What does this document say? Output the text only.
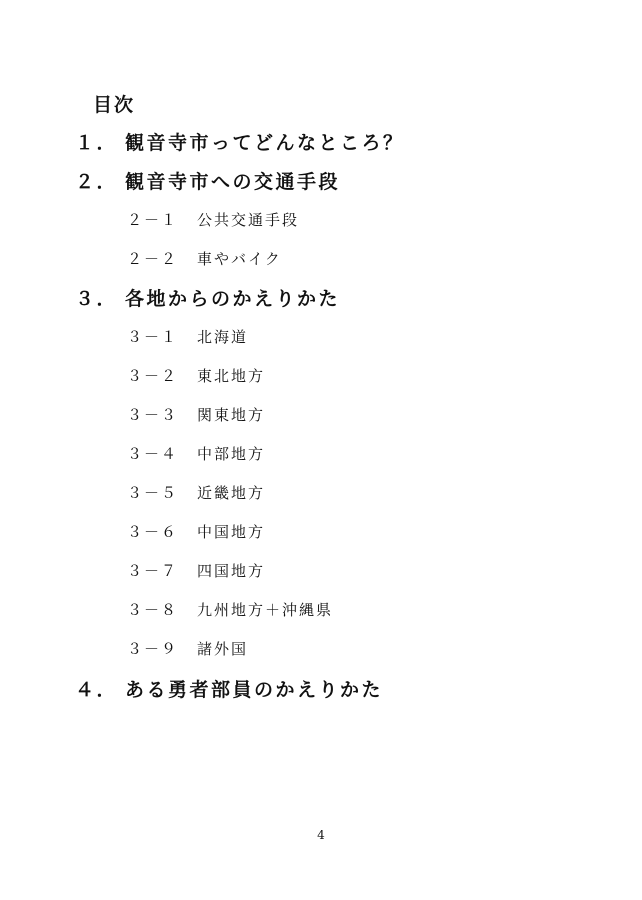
目次
１． 観音寺市ってどんなところ？
２． 観音寺市への交通手段
２－１ 公共交通手段
２－２ 車やバイク
３． 各地からのかえりかた
３－１ 北海道
３－２ 東北地方
３－３ 関東地方
３－４ 中部地方
３－５ 近畿地方
３－６ 中国地方
３－７ 四国地方
３－８ 九州地方＋沖縄県
３－９ 諸外国
４． ある勇者部員のかえりかた
4
